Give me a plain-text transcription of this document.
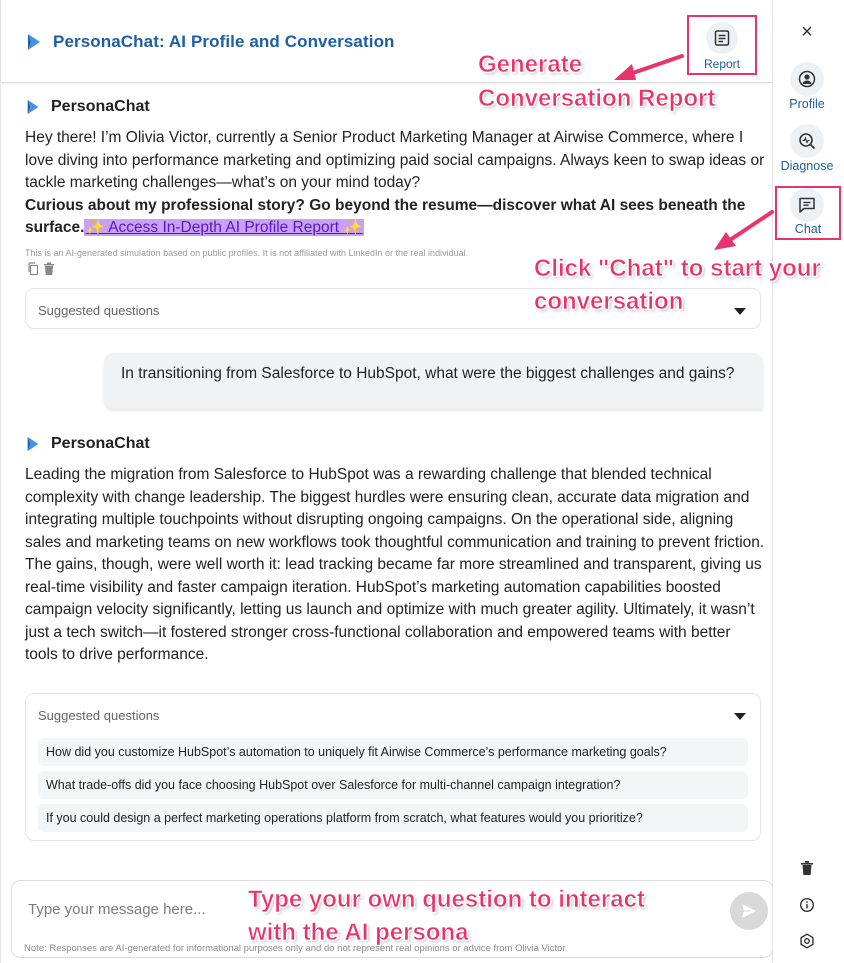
PersonaChat: AI Profile and Conversation
Report
PersonaChat
Hey there! I’m Olivia Victor, currently a Senior Product Marketing Manager at Airwise Commerce, where I love diving into performance marketing and optimizing paid social campaigns. Always keen to swap ideas or tackle marketing challenges—what’s on your mind today?
Curious about my professional story? Go beyond the resume—discover what AI sees beneath the surface.✨ Access In-Depth AI Profile Report ✨
This is an AI-generated simulation based on public profiles. It is not affiliated with LinkedIn or the real individual.
Suggested questions
In transitioning from Salesforce to HubSpot, what were the biggest challenges and gains?
PersonaChat
Leading the migration from Salesforce to HubSpot was a rewarding challenge that blended technical complexity with change leadership. The biggest hurdles were ensuring clean, accurate data migration and integrating multiple touchpoints without disrupting ongoing campaigns. On the operational side, aligning sales and marketing teams on new workflows took thoughtful communication and training to prevent friction. The gains, though, were well worth it: lead tracking became far more streamlined and transparent, giving us real-time visibility and faster campaign iteration. HubSpot’s marketing automation capabilities boosted campaign velocity significantly, letting us launch and optimize with much greater agility. Ultimately, it wasn’t just a tech switch—it fostered stronger cross-functional collaboration and empowered teams with better tools to drive performance.
Suggested questions
How did you customize HubSpot’s automation to uniquely fit Airwise Commerce’s performance marketing goals?
What trade-offs did you face choosing HubSpot over Salesforce for multi-channel campaign integration?
If you could design a perfect marketing operations platform from scratch, what features would you prioritize?
Type your message here...
Note: Responses are AI-generated for informational purposes only and do not represent real opinions or advice from Olivia Victor
×
Profile
Diagnose
Chat
Generate
Conversation Report
Click "Chat" to start your
conversation
Type your own question to interact
with the AI persona
